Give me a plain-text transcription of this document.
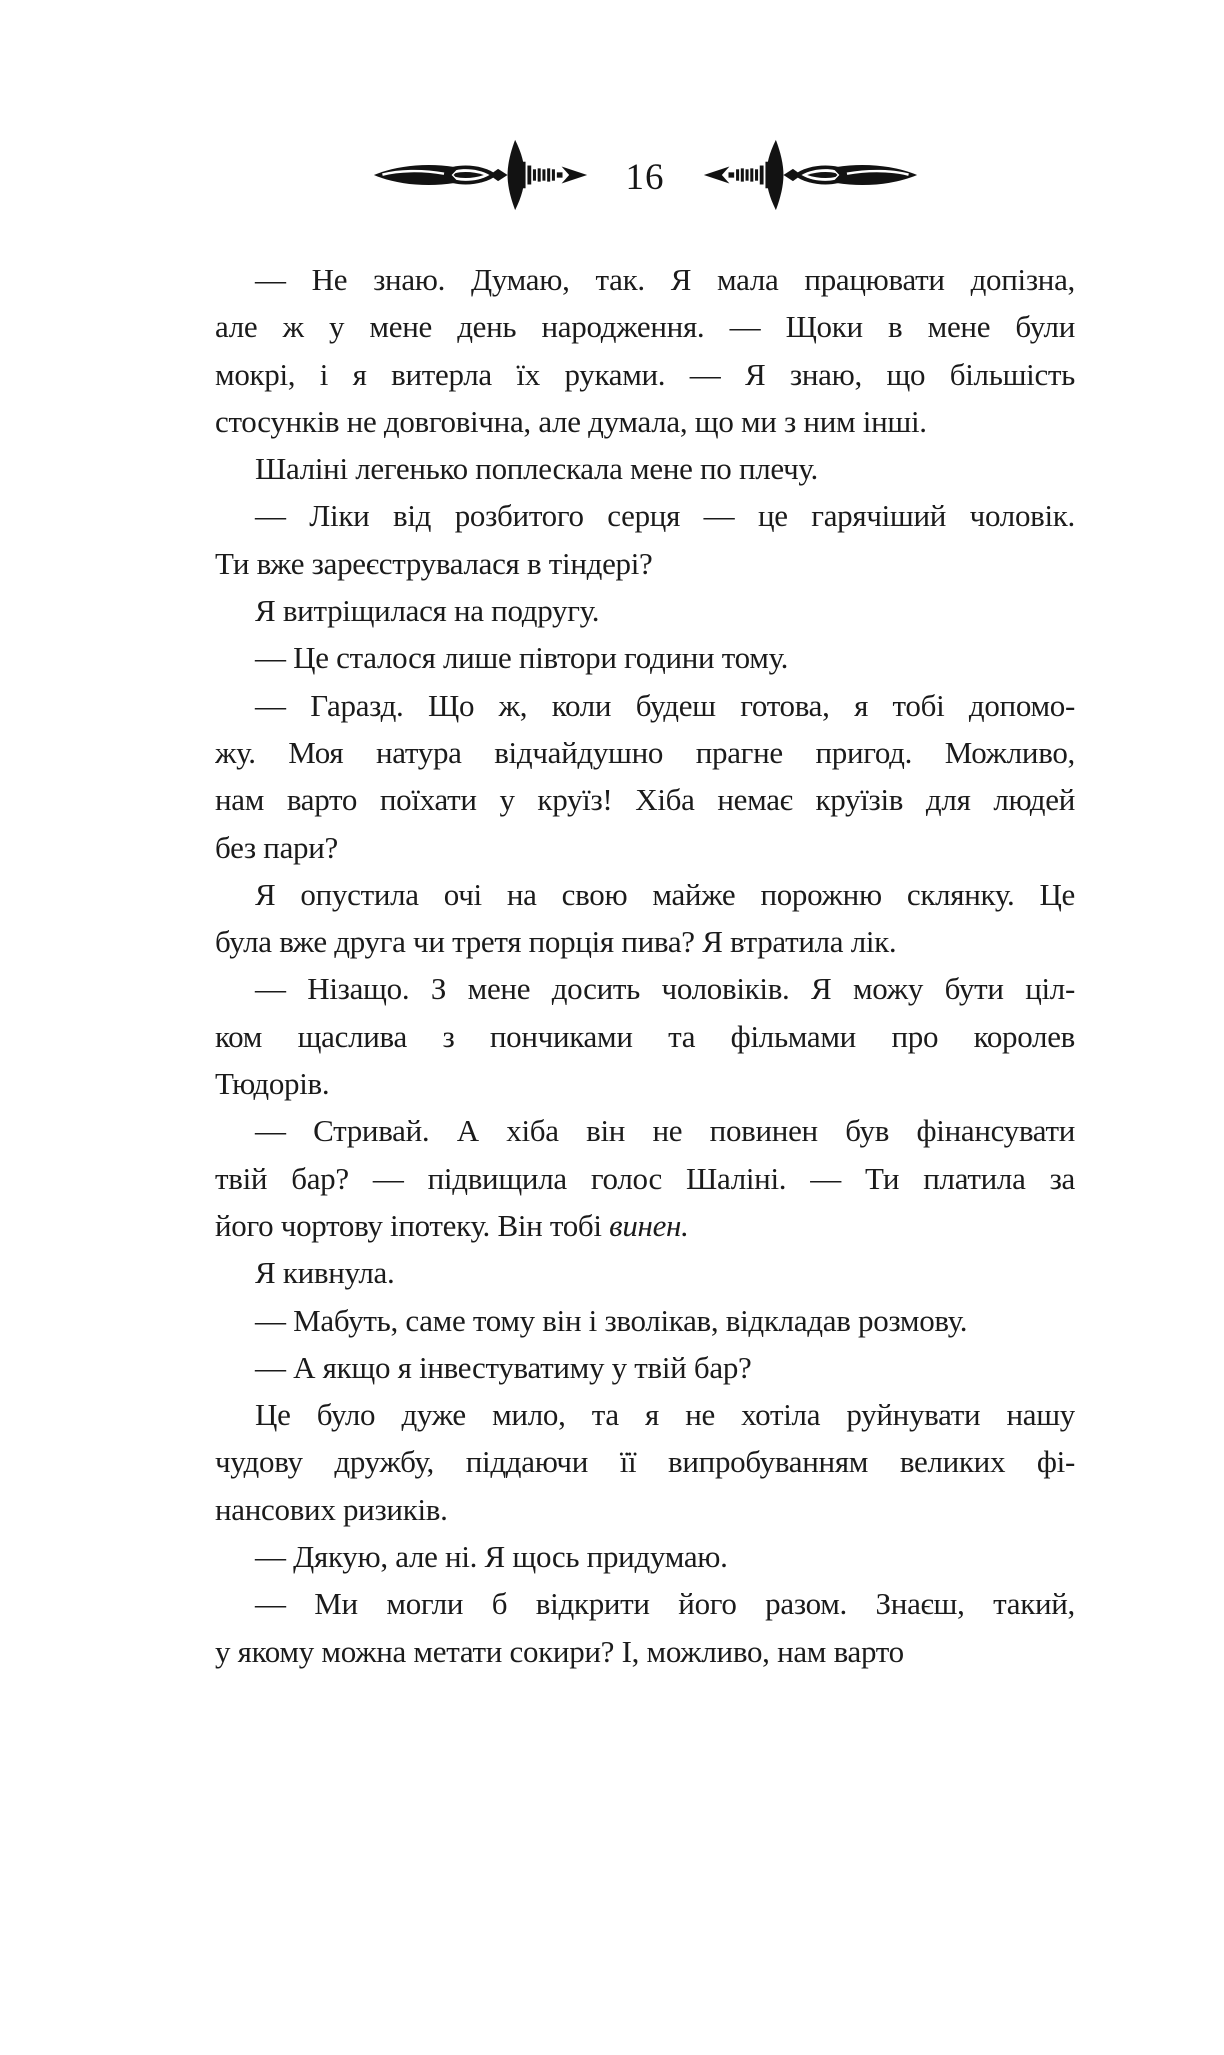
16
— Не знаю. Думаю, так. Я мала працювати допізна,
але ж у мене день народження. — Щоки в мене були
мокрі, і я витерла їх руками. — Я знаю, що більшість
стосунків не довговічна, але думала, що ми з ним інші.
Шаліні легенько поплескала мене по плечу.
— Ліки від розбитого серця — це гарячіший чоловік.
Ти вже зареєструвалася в тіндері?
Я витріщилася на подругу.
— Це сталося лише півтори години тому.
— Гаразд. Що ж, коли будеш готова, я тобі допомо-
жу. Моя натура відчайдушно прагне пригод. Можливо,
нам варто поїхати у круїз! Хіба немає круїзів для людей
без пари?
Я опустила очі на свою майже порожню склянку. Це
була вже друга чи третя порція пива? Я втратила лік.
— Нізащо. З мене досить чоловіків. Я можу бути ціл-
ком щаслива з пончиками та фільмами про королев
Тюдорів.
— Стривай. А хіба він не повинен був фінансувати
твій бар? — підвищила голос Шаліні. — Ти платила за
його чортову іпотеку. Він тобі винен.
Я кивнула.
— Мабуть, саме тому він і зволікав, відкладав розмову.
— А якщо я інвестуватиму у твій бар?
Це було дуже мило, та я не хотіла руйнувати нашу
чудову дружбу, піддаючи її випробуванням великих фі-
нансових ризиків.
— Дякую, але ні. Я щось придумаю.
— Ми могли б відкрити його разом. Знаєш, такий,
у якому можна метати сокири? І, можливо, нам варто
